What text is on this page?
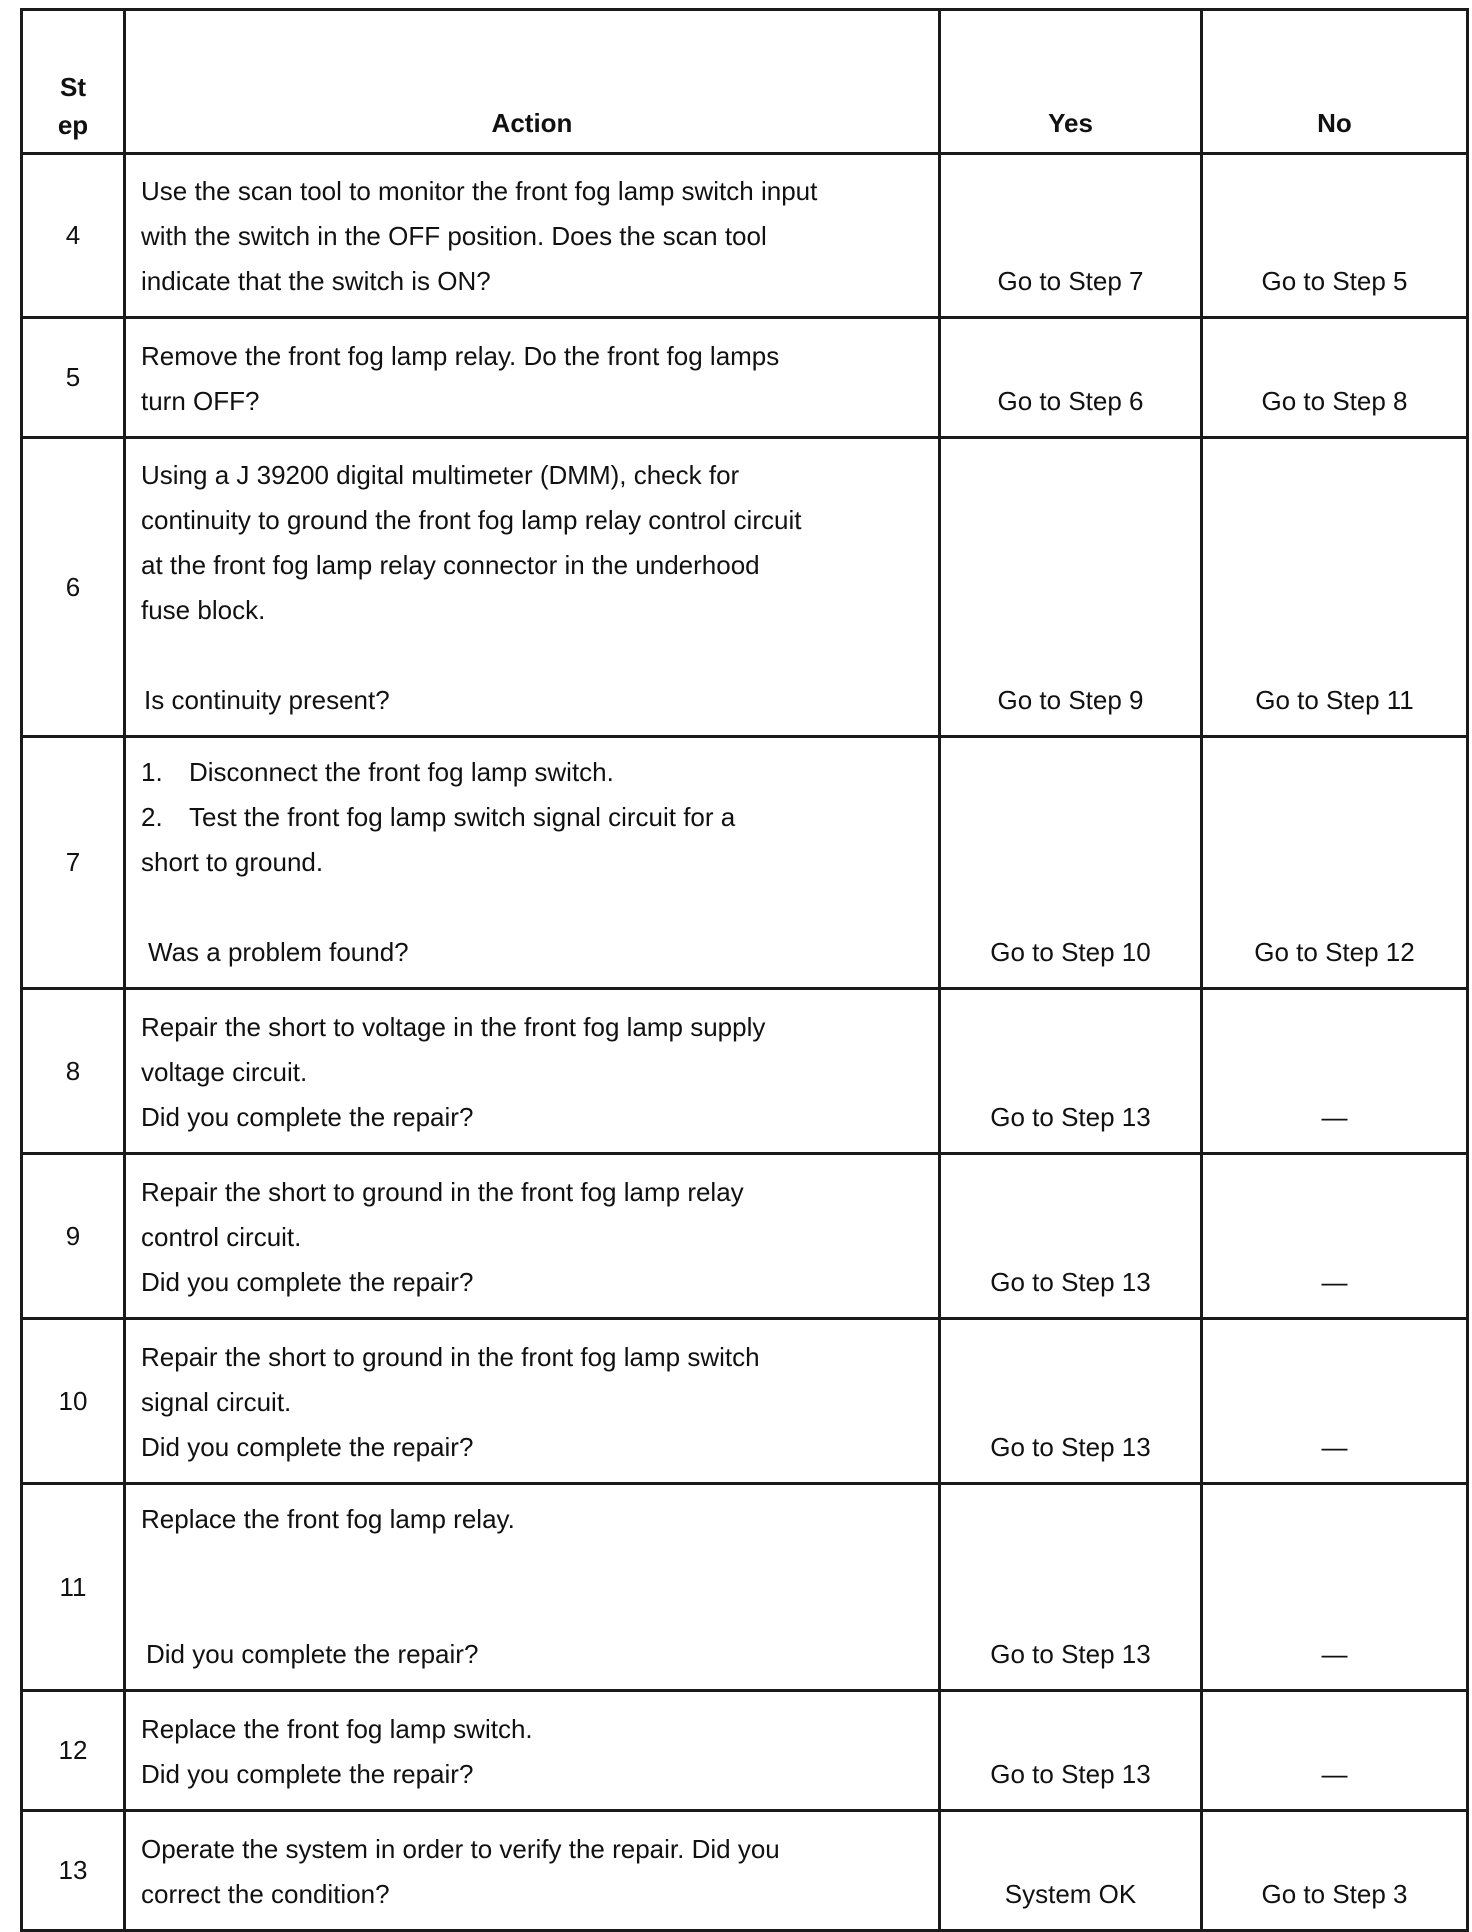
St
ep	Action	Yes	No
4	Use the scan tool to monitor the front fog lamp switch input
with the switch in the OFF position. Does the scan tool
indicate that the switch is ON?	Go to Step 7	Go to Step 5
5	Remove the front fog lamp relay. Do the front fog lamps
turn OFF?	Go to Step 6	Go to Step 8
6	Using a J 39200 digital multimeter (DMM), check for
continuity to ground the front fog lamp relay control circuit
at the front fog lamp relay connector in the underhood
fuse block.
Is continuity present?	Go to Step 9	Go to Step 11
7	1. Disconnect the front fog lamp switch.
2. Test the front fog lamp switch signal circuit for a
short to ground.
Was a problem found?	Go to Step 10	Go to Step 12
8	Repair the short to voltage in the front fog lamp supply
voltage circuit.
Did you complete the repair?	Go to Step 13	—
9	Repair the short to ground in the front fog lamp relay
control circuit.
Did you complete the repair?	Go to Step 13	—
10	Repair the short to ground in the front fog lamp switch
signal circuit.
Did you complete the repair?	Go to Step 13	—
11	Replace the front fog lamp relay.
Did you complete the repair?	Go to Step 13	—
12	Replace the front fog lamp switch.
Did you complete the repair?	Go to Step 13	—
13	Operate the system in order to verify the repair. Did you
correct the condition?	System OK	Go to Step 3
